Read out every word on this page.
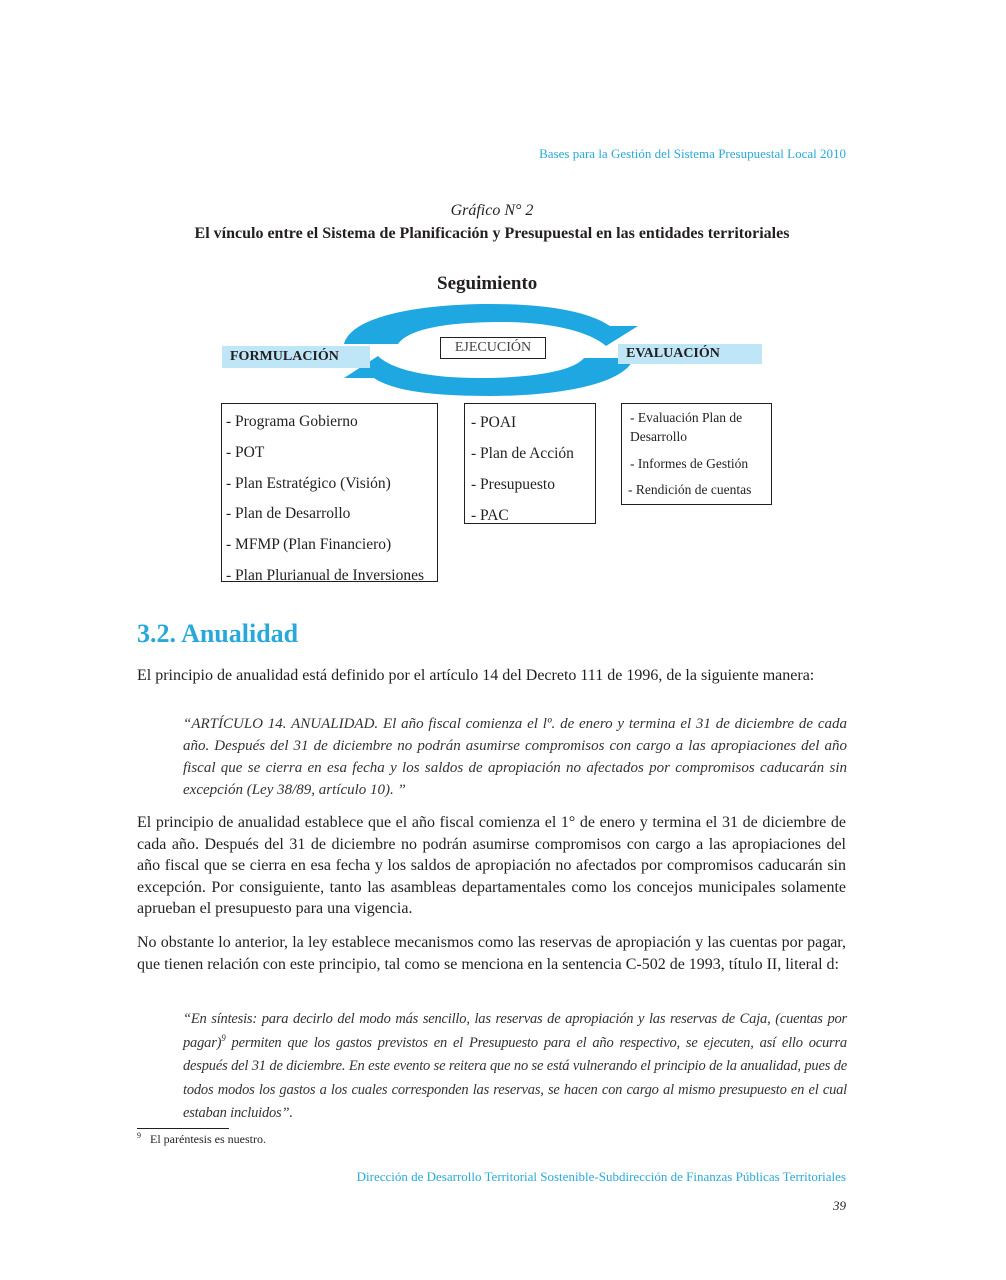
Bases para la Gestión del Sistema Presupuestal Local 2010
Gráfico N° 2
El vínculo entre el Sistema de Planificación y Presupuestal en las entidades territoriales
Seguimiento
FORMULACIÓN	EVALUACIÓN
EJECUCIÓN
- Programa Gobierno
- POT
- Plan Estratégico (Visión)
- Plan de Desarrollo
- MFMP (Plan Financiero)
- Plan Plurianual de Inversiones
- POAI
- Plan de Acción
- Presupuesto
- PAC
- Evaluación Plan de Desarrollo
- Informes de Gestión
- Rendición de cuentas
3.2. Anualidad

El principio de anualidad está definido por el artículo 14 del Decreto 111 de 1996, de la siguiente manera:

“ARTÍCULO 14. ANUALIDAD. El año fiscal comienza el lº. de enero y termina el 31 de diciembre de cada año. Después del 31 de diciembre no podrán asumirse compromisos con cargo a las apropiaciones del año fiscal que se cierra en esa fecha y los saldos de apropiación no afectados por compromisos caducarán sin excepción (Ley 38/89, artículo 10). ”

El principio de anualidad establece que el año fiscal comienza el 1° de enero y termina el 31 de diciembre de cada año. Después del 31 de diciembre no podrán asumirse compromisos con cargo a las apropiaciones del año fiscal que se cierra en esa fecha y los saldos de apropiación no afectados por compromisos caducarán sin excepción. Por consiguiente, tanto las asambleas departamentales como los concejos municipales solamente aprueban el presupuesto para una vigencia.

No obstante lo anterior, la ley establece mecanismos como las reservas de apropiación y las cuentas por pagar, que tienen relación con este principio, tal como se menciona en la sentencia C-502 de 1993, título II, literal d:

“En síntesis: para decirlo del modo más sencillo, las reservas de apropiación y las reservas de Caja, (cuentas por pagar)$^9$ permiten que los gastos previstos en el Presupuesto para el año respectivo, se ejecuten, así ello ocurra después del 31 de diciembre. En este evento se reitera que no se está vulnerando el principio de la anualidad, pues de todos modos los gastos a los cuales corresponden las reservas, se hacen con cargo al mismo presupuesto en el cual estaban incluidos”.

$^9$ El paréntesis es nuestro.
Dirección de Desarrollo Territorial Sostenible-Subdirección de Finanzas Públicas Territoriales
39
